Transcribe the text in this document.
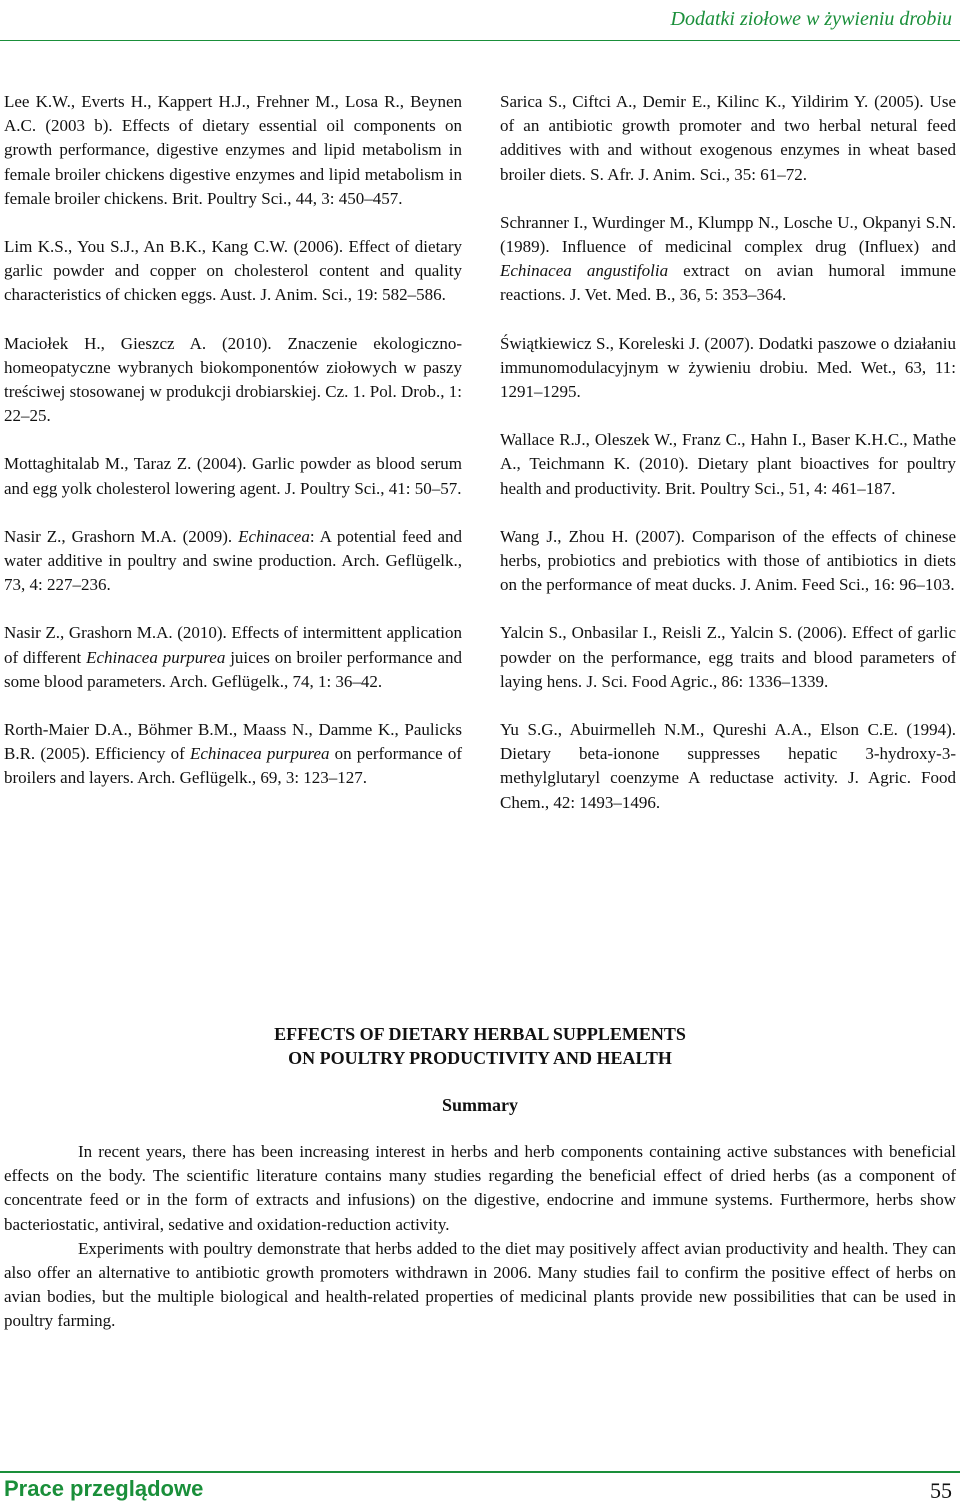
Dodatki ziołowe w żywieniu drobiu

Lee K.W., Everts H., Kappert H.J., Frehner M., Losa R., Beynen A.C. (2003 b). Effects of dietary essential oil components on growth performance, digestive enzymes and lipid metabolism in female broiler chickens digestive enzymes and lipid metabolism in female broiler chickens. Brit. Poultry Sci., 44, 3: 450–457.

Lim K.S., You S.J., An B.K., Kang C.W. (2006). Effect of dietary garlic powder and copper on cholesterol content and quality characteristics of chicken eggs. Aust. J. Anim. Sci., 19: 582–586.

Maciołek H., Gieszcz A. (2010). Znaczenie ekologiczno-homeopatyczne wybranych biokomponentów ziołowych w paszy treściwej stosowanej w produkcji drobiarskiej. Cz. 1. Pol. Drob., 1: 22–25.

Mottaghitalab M., Taraz Z. (2004). Garlic powder as blood serum and egg yolk cholesterol lowering agent. J. Poultry Sci., 41: 50–57.

Nasir Z., Grashorn M.A. (2009). Echinacea: A potential feed and water additive in poultry and swine production. Arch. Geflügelk., 73, 4: 227–236.

Nasir Z., Grashorn M.A. (2010). Effects of intermittent application of different Echinacea purpurea juices on broiler performance and some blood parameters. Arch. Geflügelk., 74, 1: 36–42.

Rorth-Maier D.A., Böhmer B.M., Maass N., Damme K., Paulicks B.R. (2005). Efficiency of Echinacea purpurea on performance of broilers and layers. Arch. Geflügelk., 69, 3: 123–127.

Sarica S., Ciftci A., Demir E., Kilinc K., Yildirim Y. (2005). Use of an antibiotic growth promoter and two herbal netural feed additives with and without exogenous enzymes in wheat based broiler diets. S. Afr. J. Anim. Sci., 35: 61–72.

Schranner I., Wurdinger M., Klumpp N., Losche U., Okpanyi S.N. (1989). Influence of medicinal complex drug (Influex) and Echinacea angustifolia extract on avian humoral immune reactions. J. Vet. Med. B., 36, 5: 353–364.

Świątkiewicz S., Koreleski J. (2007). Dodatki paszowe o działaniu immunomodulacyjnym w żywieniu drobiu. Med. Wet., 63, 11: 1291–1295.

Wallace R.J., Oleszek W., Franz C., Hahn I., Baser K.H.C., Mathe A., Teichmann K. (2010). Dietary plant bioactives for poultry health and productivity. Brit. Poultry Sci., 51, 4: 461–187.

Wang J., Zhou H. (2007). Comparison of the effects of chinese herbs, probiotics and prebiotics with those of antibiotics in diets on the performance of meat ducks. J. Anim. Feed Sci., 16: 96–103.

Yalcin S., Onbasilar I., Reisli Z., Yalcin S. (2006). Effect of garlic powder on the performance, egg traits and blood parameters of laying hens. J. Sci. Food Agric., 86: 1336–1339.

Yu S.G., Abuirmelleh N.M., Qureshi A.A., Elson C.E. (1994). Dietary beta-ionone suppresses hepatic 3-hydroxy-3-methylglutaryl coenzyme A reductase activity. J. Agric. Food Chem., 42: 1493–1496.

EFFECTS OF DIETARY HERBAL SUPPLEMENTS
ON POULTRY PRODUCTIVITY AND HEALTH
Summary

In recent years, there has been increasing interest in herbs and herb components containing active substances with beneficial effects on the body. The scientific literature contains many studies regarding the beneficial effect of dried herbs (as a component of concentrate feed or in the form of extracts and infusions) on the digestive, endocrine and immune systems. Furthermore, herbs show bacteriostatic, antiviral, sedative and oxidation-reduction activity.

Experiments with poultry demonstrate that herbs added to the diet may positively affect avian productivity and health. They can also offer an alternative to antibiotic growth promoters withdrawn in 2006. Many studies fail to confirm the positive effect of herbs on avian bodies, but the multiple biological and health-related properties of medicinal plants provide new possibilities that can be used in poultry farming.

Prace przeglądowe	55
